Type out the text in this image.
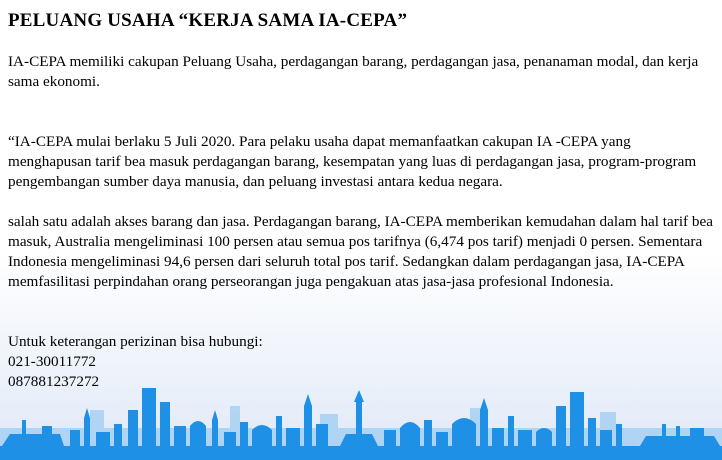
PELUANG USAHA “KERJA SAMA IA-CEPA”

IA-CEPA memiliki cakupan Peluang Usaha, perdagangan barang, perdagangan jasa, penanaman modal, dan kerja sama ekonomi.

“IA-CEPA mulai berlaku 5 Juli 2020. Para pelaku usaha dapat memanfaatkan cakupan IA -CEPA yang menghapusan tarif bea masuk perdagangan barang, kesempatan yang luas di perdagangan jasa, program-program pengembangan sumber daya manusia, dan peluang investasi antara kedua negara.

salah satu adalah akses barang dan jasa. Perdagangan barang, IA-CEPA memberikan kemudahan dalam hal tarif bea masuk, Australia mengeliminasi 100 persen atau semua pos tarifnya (6,474 pos tarif) menjadi 0 persen. Sementara Indonesia mengeliminasi 94,6 persen dari seluruh total pos tarif. Sedangkan dalam perdagangan jasa, IA-CEPA memfasilitasi perpindahan orang perseorangan juga pengakuan atas jasa-jasa profesional Indonesia.

Untuk keterangan perizinan bisa hubungi:
021-30011772
087881237272
